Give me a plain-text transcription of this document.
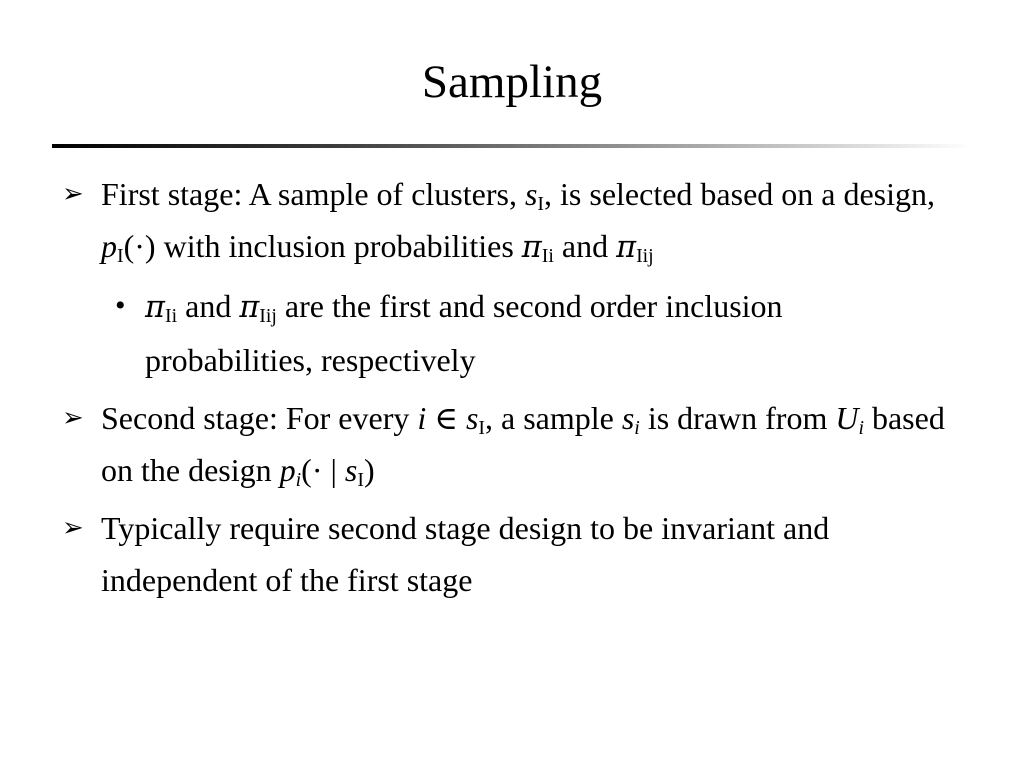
Sampling
➢ First stage: A sample of clusters, $s_I$, is selected based on a design, $p_I(\cdot)$ with inclusion probabilities $\pi_{Ii}$ and $\pi_{Iij}$
• $\pi_{Ii}$ and $\pi_{Iij}$ are the first and second order inclusion probabilities, respectively
➢ Second stage: For every i ∈ $s_I$, a sample $s_i$ is drawn from $U_i$ based on the design $p_i(\cdot$ | $s_I$)
➢ Typically require second stage design to be invariant and independent of the first stage
